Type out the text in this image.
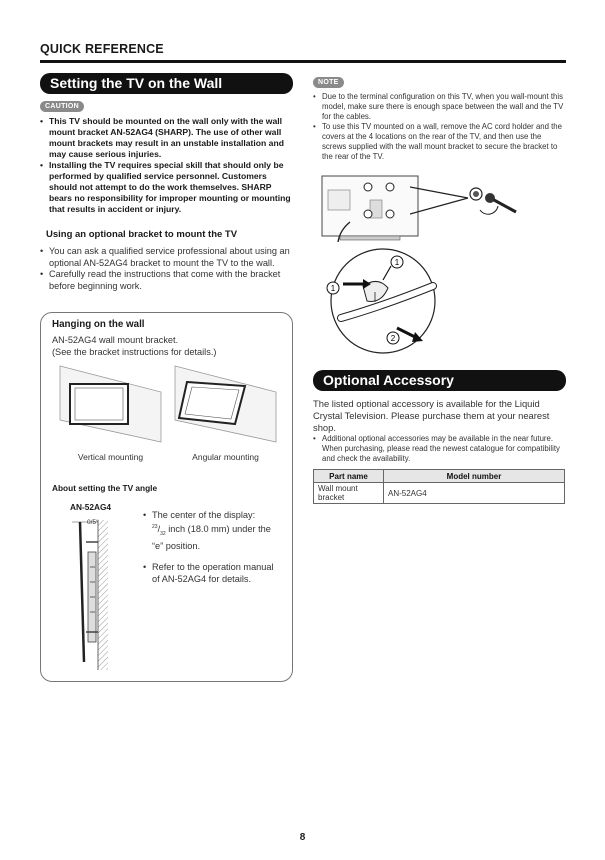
QUICK REFERENCE
Setting the TV on the Wall
CAUTION
• This TV should be mounted on the wall only with the wall mount bracket AN-52AG4 (SHARP). The use of other wall mount brackets may result in an unstable installation and may cause serious injuries.
• Installing the TV requires special skill that should only be performed by qualified service personnel. Customers should not attempt to do the work themselves. SHARP bears no responsibility for improper mounting or mounting that results in accident or injury.
Using an optional bracket to mount the TV
• You can ask a qualified service professional about using an optional AN-52AG4 bracket to mount the TV to the wall.
• Carefully read the instructions that come with the bracket before beginning work.
Hanging on the wall
AN-52AG4 wall mount bracket.
(See the bracket instructions for details.)
Vertical mounting	Angular mounting
About setting the TV angle
AN-52AG4
0/5°
• The center of the display:
$^{23}/_{32}$ inch (18.0 mm) under the “e” position.
• Refer to the operation manual of AN-52AG4 for details.
NOTE
• Due to the terminal configuration on this TV, when you wall-mount this model, make sure there is enough space between the wall and the TV for the cables.
• To use this TV mounted on a wall, remove the AC cord holder and the covers at the 4 locations on the rear of the TV, and then use the screws supplied with the wall mount bracket to secure the bracket to the rear of the TV.
1
1
2
Optional Accessory
The listed optional accessory is available for the Liquid Crystal Television. Please purchase them at your nearest shop.
• Additional optional accessories may be available in the near future. When purchasing, please read the newest catalogue for compatibility and check the availability.
Part name	Model number
Wall mount bracket	AN-52AG4
8
